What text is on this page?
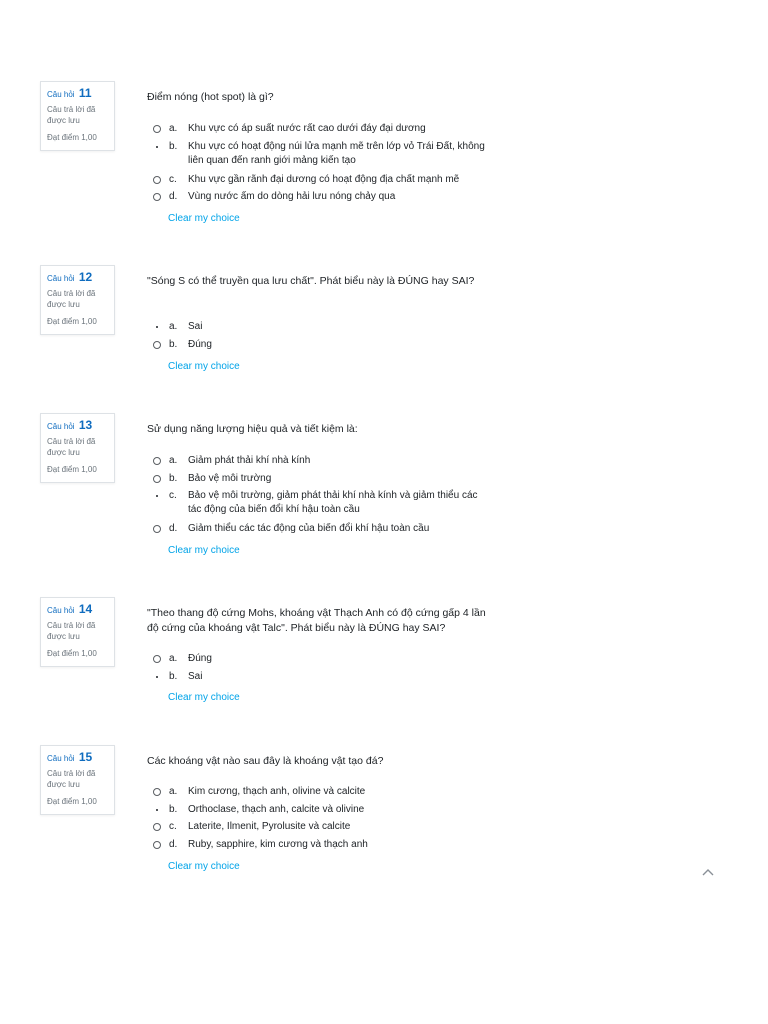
Câu hỏi 11
Câu trả lời đã được lưu
Đạt điểm 1,00
Điểm nóng (hot spot) là gì?
a. Khu vực có áp suất nước rất cao dưới đáy đại dương
b. Khu vực có hoạt động núi lửa mạnh mẽ trên lớp vỏ Trái Đất, không liên quan đến ranh giới mảng kiến tạo
c. Khu vực gần rãnh đại dương có hoạt động địa chất mạnh mẽ
d. Vùng nước ấm do dòng hải lưu nóng chảy qua
Clear my choice
Câu hỏi 12
Câu trả lời đã được lưu
Đạt điểm 1,00
"Sóng S có thể truyền qua lưu chất". Phát biểu này là ĐÚNG hay SAI?
a. Sai
b. Đúng
Clear my choice
Câu hỏi 13
Câu trả lời đã được lưu
Đạt điểm 1,00
Sử dụng năng lượng hiệu quả và tiết kiệm là:
a. Giảm phát thải khí nhà kính
b. Bảo vệ môi trường
c. Bảo vệ môi trường, giảm phát thải khí nhà kính và giảm thiểu các tác động của biến đổi khí hậu toàn cầu
d. Giảm thiểu các tác động của biến đổi khí hậu toàn cầu
Clear my choice
Câu hỏi 14
Câu trả lời đã được lưu
Đạt điểm 1,00
"Theo thang độ cứng Mohs, khoáng vật Thạch Anh có độ cứng gấp 4 lần độ cứng của khoáng vật Talc". Phát biểu này là ĐÚNG hay SAI?
a. Đúng
b. Sai
Clear my choice
Câu hỏi 15
Câu trả lời đã được lưu
Đạt điểm 1,00
Các khoáng vật nào sau đây là khoáng vật tạo đá?
a. Kim cương, thạch anh, olivine và calcite
b. Orthoclase, thạch anh, calcite và olivine
c. Laterite, Ilmenit, Pyrolusite và calcite
d. Ruby, sapphire, kim cương và thạch anh
Clear my choice
